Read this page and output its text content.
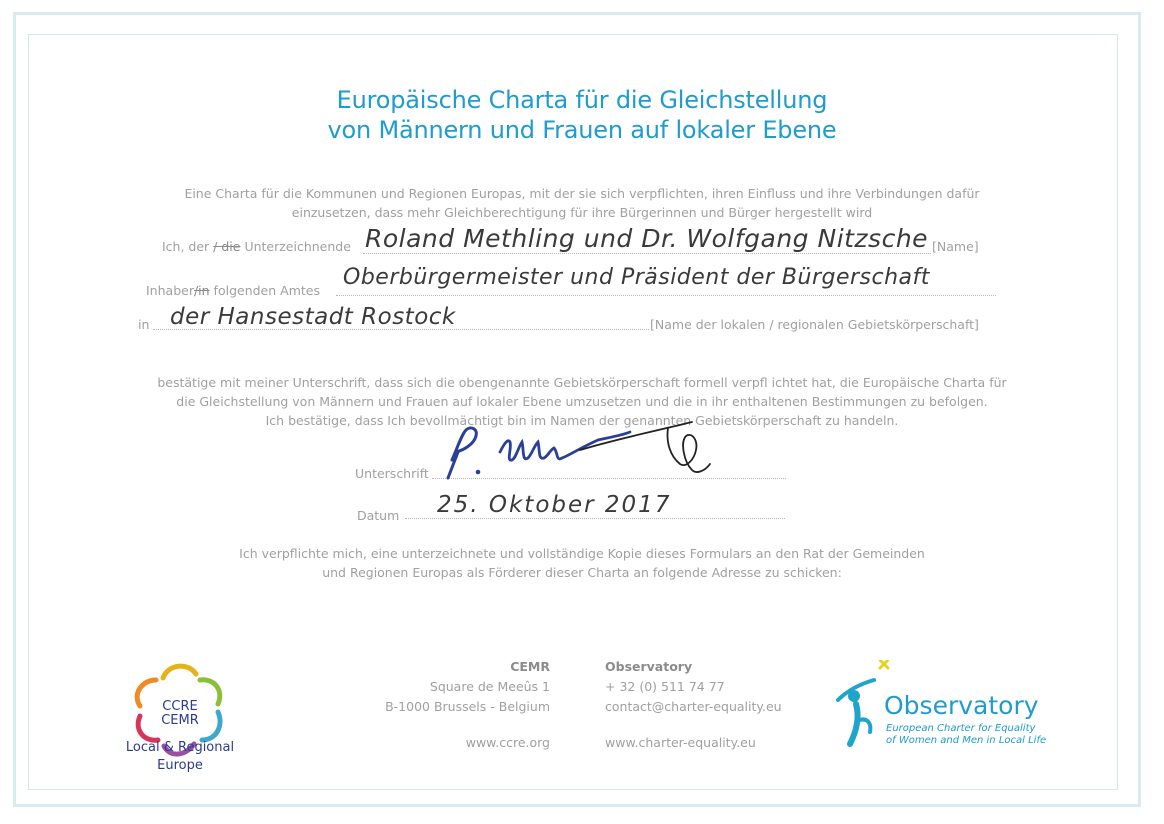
Europäische Charta für die Gleichstellung
von Männern und Frauen auf lokaler Ebene
Eine Charta für die Kommunen und Regionen Europas, mit der sie sich verpflichten, ihren Einfluss und ihre Verbindungen dafür
einzusetzen, dass mehr Gleichberechtigung für ihre Bürgerinnen und Bürger hergestellt wird
Ich, der / die Unterzeichnende Roland Methling und Dr. Wolfgang Nitzsche [Name]
Inhaber/in folgenden Amtes
Oberbürgermeister und Präsident der Bürgerschaft
in der Hansestadt Rostock	[Name der lokalen / regionalen Gebietskörperschaft]
bestätige mit meiner Unterschrift, dass sich die obengenannte Gebietskörperschaft formell verpfl ichtet hat, die Europäische Charta für
die Gleichstellung von Männern und Frauen auf lokaler Ebene umzusetzen und die in ihr enthaltenen Bestimmungen zu befolgen.
Ich bestätige, dass Ich bevollmächtigt bin im Namen der genannten Gebietskörperschaft zu handeln.
Unterschrift
Datum 25. Oktober 2017
Ich verpflichte mich, eine unterzeichnete und vollständige Kopie dieses Formulars an den Rat der Gemeinden
und Regionen Europas als Förderer dieser Charta an folgende Adresse zu schicken:
CEMR
Square de Meeûs 1
B-1000 Brussels - Belgium
www.ccre.org
Observatory
+ 32 (0) 511 74 77
contact@charter-equality.eu
www.charter-equality.eu
CCRE
CEMR
Local & Regional
Europe
Observatory
European Charter for Equality
of Women and Men in Local Life
